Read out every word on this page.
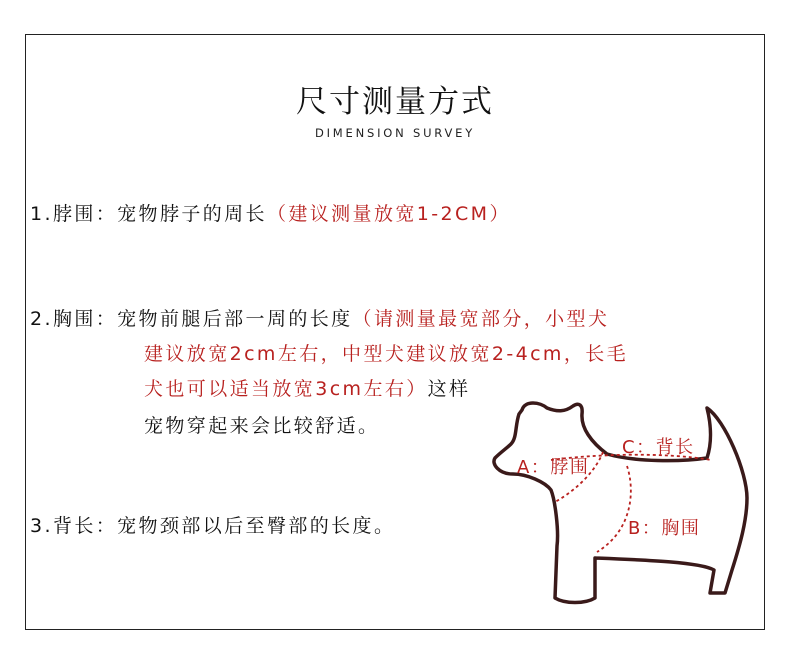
尺寸测量方式
DIMENSION SURVEY
1.脖围：宠物脖子的周长（建议测量放宽1-2CM）
2.胸围：宠物前腿后部一周的长度（请测量最宽部分，小型犬
建议放宽2cm左右，中型犬建议放宽2-4cm，长毛
犬也可以适当放宽3cm左右）这样
宠物穿起来会比较舒适。
3.背长：宠物颈部以后至臀部的长度。
A：脖围
C：背长
B：胸围
